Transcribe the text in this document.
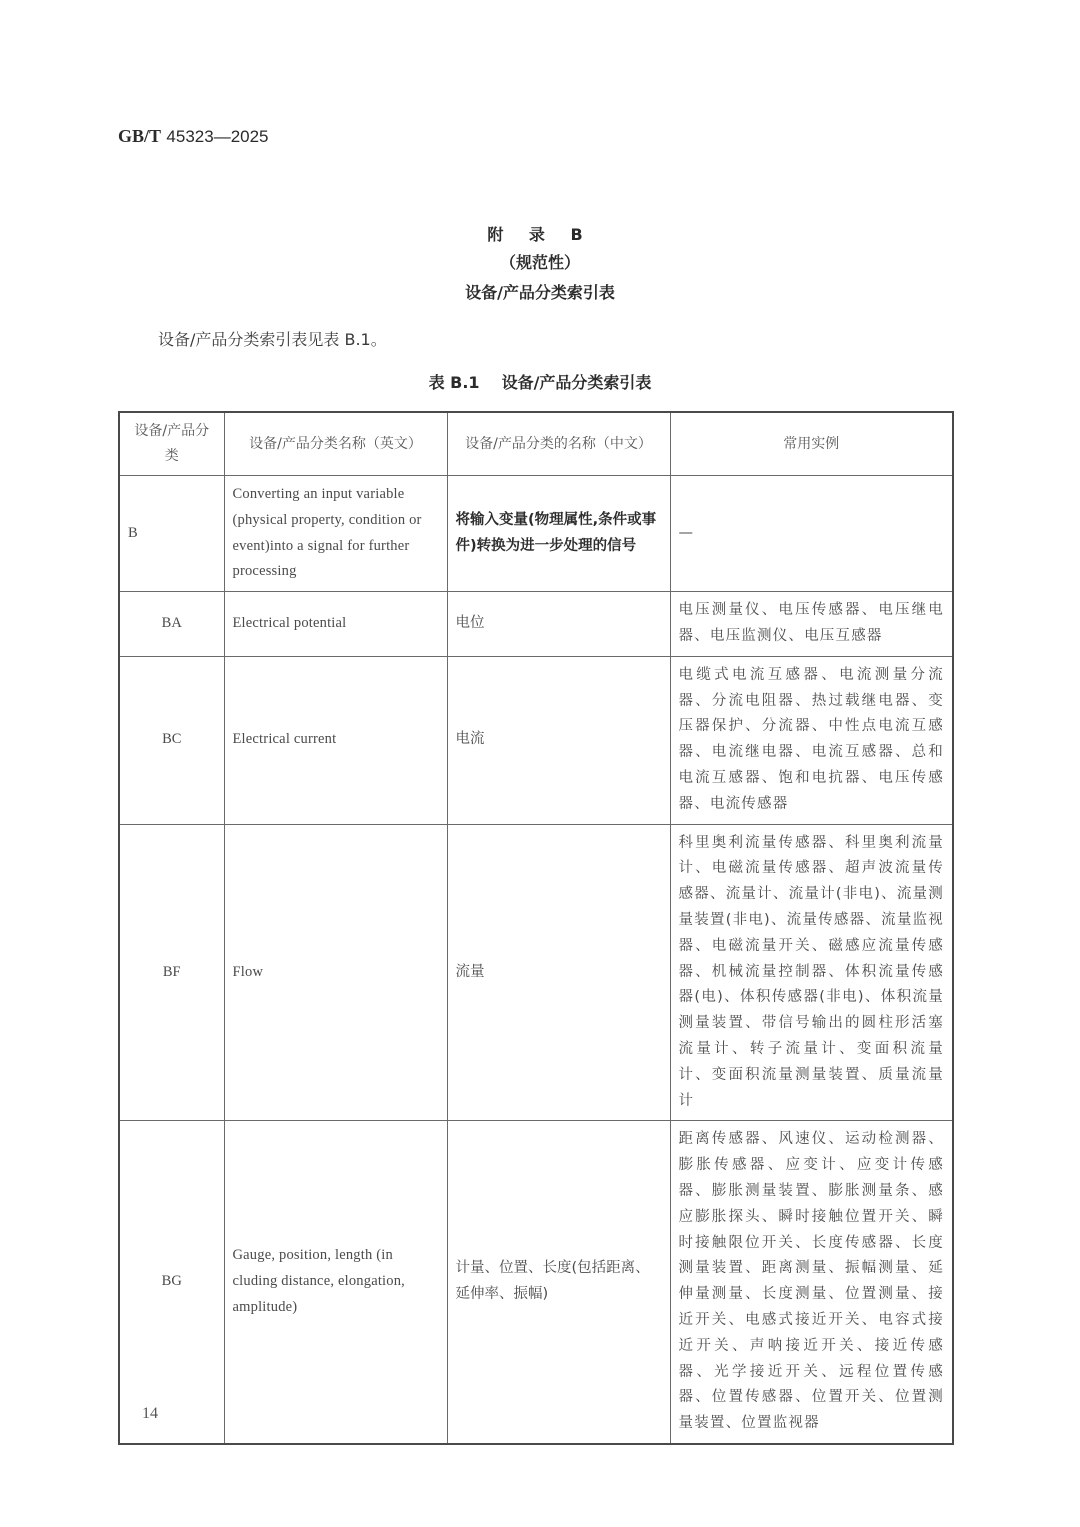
GB/T 45323—2025
附 录 B
（规范性）
设备/产品分类索引表
设备/产品分类索引表见表 B.1。
表 B.1 设备/产品分类索引表
设备/产品分类	设备/产品分类名称（英文）	设备/产品分类的名称（中文）	常用实例
B	Converting an input variable (physical property, condition or event)into a signal for further processing	将输入变量(物理属性,条件或事件)转换为进一步处理的信号	—
BA	Electrical potential	电位	电压测量仪、电压传感器、电压继电器、电压监测仪、电压互感器
BC	Electrical current	电流	电缆式电流互感器、电流测量分流器、分流电阻器、热过载继电器、变压器保护、分流器、中性点电流互感器、电流继电器、电流互感器、总和电流互感器、饱和电抗器、电压传感器、电流传感器
BF	Flow	流量	科里奥利流量传感器、科里奥利流量计、电磁流量传感器、超声波流量传感器、流量计、流量计(非电)、流量测量装置(非电)、流量传感器、流量监视器、电磁流量开关、磁感应流量传感器、机械流量控制器、体积流量传感器(电)、体积传感器(非电)、体积流量测量装置、带信号输出的圆柱形活塞流量计、转子流量计、变面积流量计、变面积流量测量装置、质量流量计
BG	Gauge, position, length (in cluding distance, elongation, amplitude)	计量、位置、长度(包括距离、延伸率、振幅)	距离传感器、风速仪、运动检测器、膨胀传感器、应变计、应变计传感器、膨胀测量装置、膨胀测量条、感应膨胀探头、瞬时接触位置开关、瞬时接触限位开关、长度传感器、长度测量装置、距离测量、振幅测量、延伸量测量、长度测量、位置测量、接近开关、电感式接近开关、电容式接近开关、声呐接近开关、接近传感器、光学接近开关、远程位置传感器、位置传感器、位置开关、位置测量装置、位置监视器
14
